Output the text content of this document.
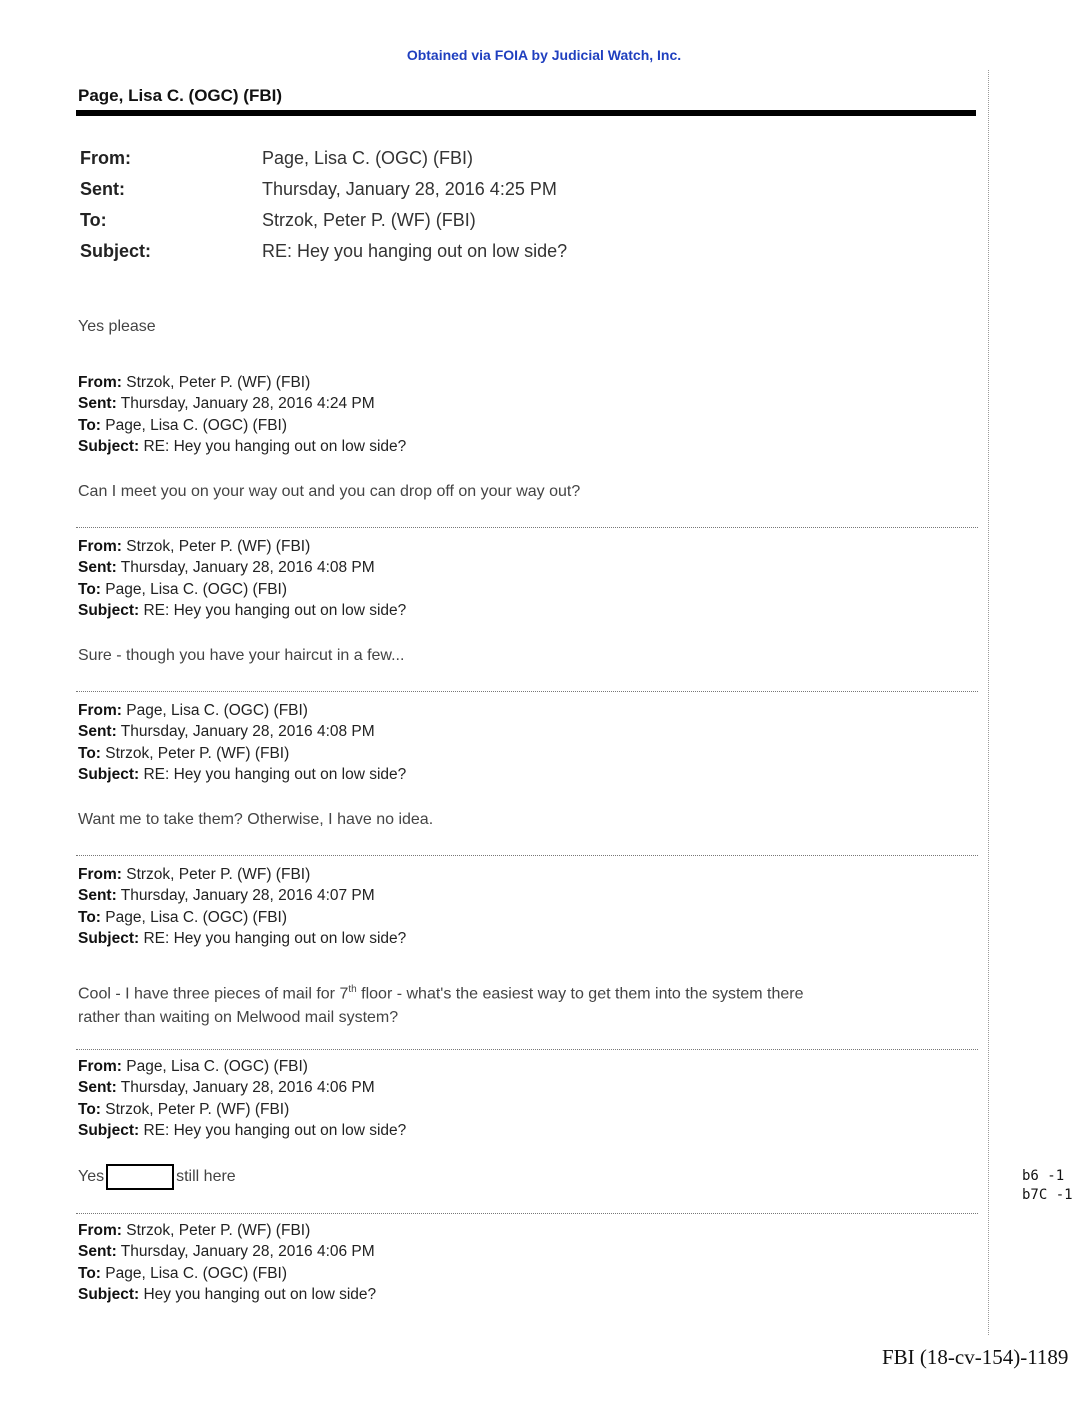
Obtained via FOIA by Judicial Watch, Inc.
Page, Lisa C. (OGC) (FBI)
From:	Page, Lisa C. (OGC) (FBI)
Sent:	Thursday, January 28, 2016 4:25 PM
To:	Strzok, Peter P. (WF) (FBI)
Subject:	RE: Hey you hanging out on low side?
Yes please
From: Strzok, Peter P. (WF) (FBI)
Sent: Thursday, January 28, 2016 4:24 PM
To: Page, Lisa C. (OGC) (FBI)
Subject: RE: Hey you hanging out on low side?
Can I meet you on your way out and you can drop off on your way out?
From: Strzok, Peter P. (WF) (FBI)
Sent: Thursday, January 28, 2016 4:08 PM
To: Page, Lisa C. (OGC) (FBI)
Subject: RE: Hey you hanging out on low side?
Sure - though you have your haircut in a few...
From: Page, Lisa C. (OGC) (FBI)
Sent: Thursday, January 28, 2016 4:08 PM
To: Strzok, Peter P. (WF) (FBI)
Subject: RE: Hey you hanging out on low side?
Want me to take them? Otherwise, I have no idea.
From: Strzok, Peter P. (WF) (FBI)
Sent: Thursday, January 28, 2016 4:07 PM
To: Page, Lisa C. (OGC) (FBI)
Subject: RE: Hey you hanging out on low side?
Cool - I have three pieces of mail for 7th floor - what's the easiest way to get them into the system there
rather than waiting on Melwood mail system?
From: Page, Lisa C. (OGC) (FBI)
Sent: Thursday, January 28, 2016 4:06 PM
To: Strzok, Peter P. (WF) (FBI)
Subject: RE: Hey you hanging out on low side?
Yes	still here	b6 -1
b7C -1
From: Strzok, Peter P. (WF) (FBI)
Sent: Thursday, January 28, 2016 4:06 PM
To: Page, Lisa C. (OGC) (FBI)
Subject: Hey you hanging out on low side?
FBI (18-cv-154)-1189
